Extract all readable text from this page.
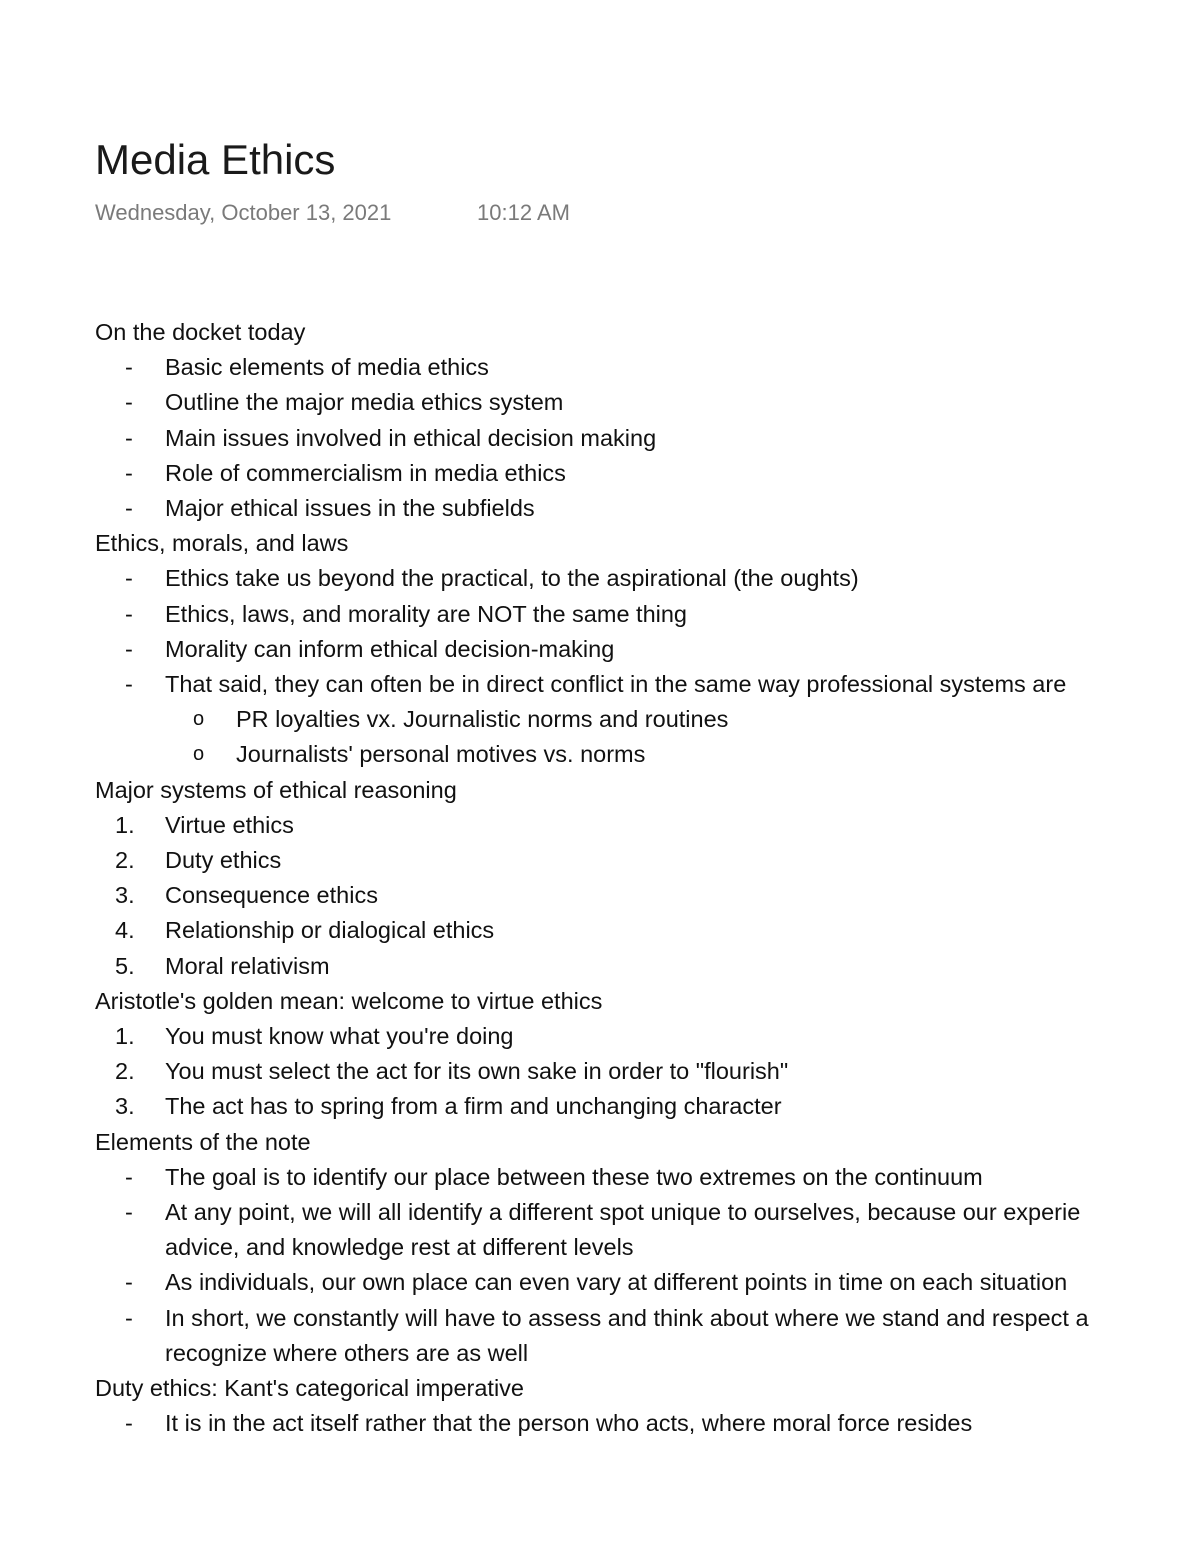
Media Ethics
Wednesday, October 13, 2021	10:12 AM
On the docket today
- Basic elements of media ethics
- Outline the major media ethics system
- Main issues involved in ethical decision making
- Role of commercialism in media ethics
- Major ethical issues in the subfields
Ethics, morals, and laws
- Ethics take us beyond the practical, to the aspirational (the oughts)
- Ethics, laws, and morality are NOT the same thing
- Morality can inform ethical decision-making
- That said, they can often be in direct conflict in the same way professional systems are
o PR loyalties vx. Journalistic norms and routines
o Journalists' personal motives vs. norms
Major systems of ethical reasoning
1. Virtue ethics
2. Duty ethics
3. Consequence ethics
4. Relationship or dialogical ethics
5. Moral relativism
Aristotle's golden mean: welcome to virtue ethics
1. You must know what you're doing
2. You must select the act for its own sake in order to "flourish"
3. The act has to spring from a firm and unchanging character
Elements of the note
- The goal is to identify our place between these two extremes on the continuum
- At any point, we will all identify a different spot unique to ourselves, because our experie
advice, and knowledge rest at different levels
- As individuals, our own place can even vary at different points in time on each situation
- In short, we constantly will have to assess and think about where we stand and respect a
recognize where others are as well
Duty ethics: Kant's categorical imperative
- It is in the act itself rather that the person who acts, where moral force resides
